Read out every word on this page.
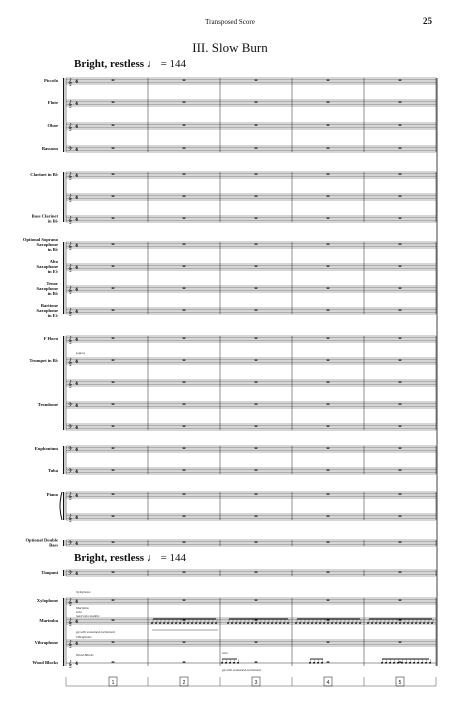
Transposed Score	25
III. Slow Burn
Bright, restless ♩ = 144
Bright, restless ♩ = 144
𝄞 4
Piccolo
𝄞 4
Flute
𝄞 4
Oboe
𝄢 4
Bassoon
𝄞 4
Clarinet in B♭
𝄞 4
𝄞 4
Bass Clarinet
in B♭
𝄞 4
Optional Soprano
Saxophone
in B♭
𝄞 4
Alto
Saxophone
in E♭
𝄞 4
Tenor
Saxophone
in B♭
𝄞 4
Baritone
Saxophone
in E♭
𝄞 4
F Horn
𝄞 4
Trumpet in B♭
𝄞 4
𝄢 4
Trombone
𝄢 4
𝄢 4
Euphonium
𝄢 4
Tuba
𝄞 4
Piano
𝄞 4
𝄢 4
Optional Double
Bass
𝄢 4
Timpani
𝄞 4
Xylophone
𝄞 4
Marimba
𝄞 4
Vibraphone
𝄞 4
Wood Blocks
(open)
Xylophone
Marimba
solo
hard rain mallets
pp with sustained excitement
Vibraphone
Wood Blocks	solo
pp with sustained excitement
1	2	3	4	5
